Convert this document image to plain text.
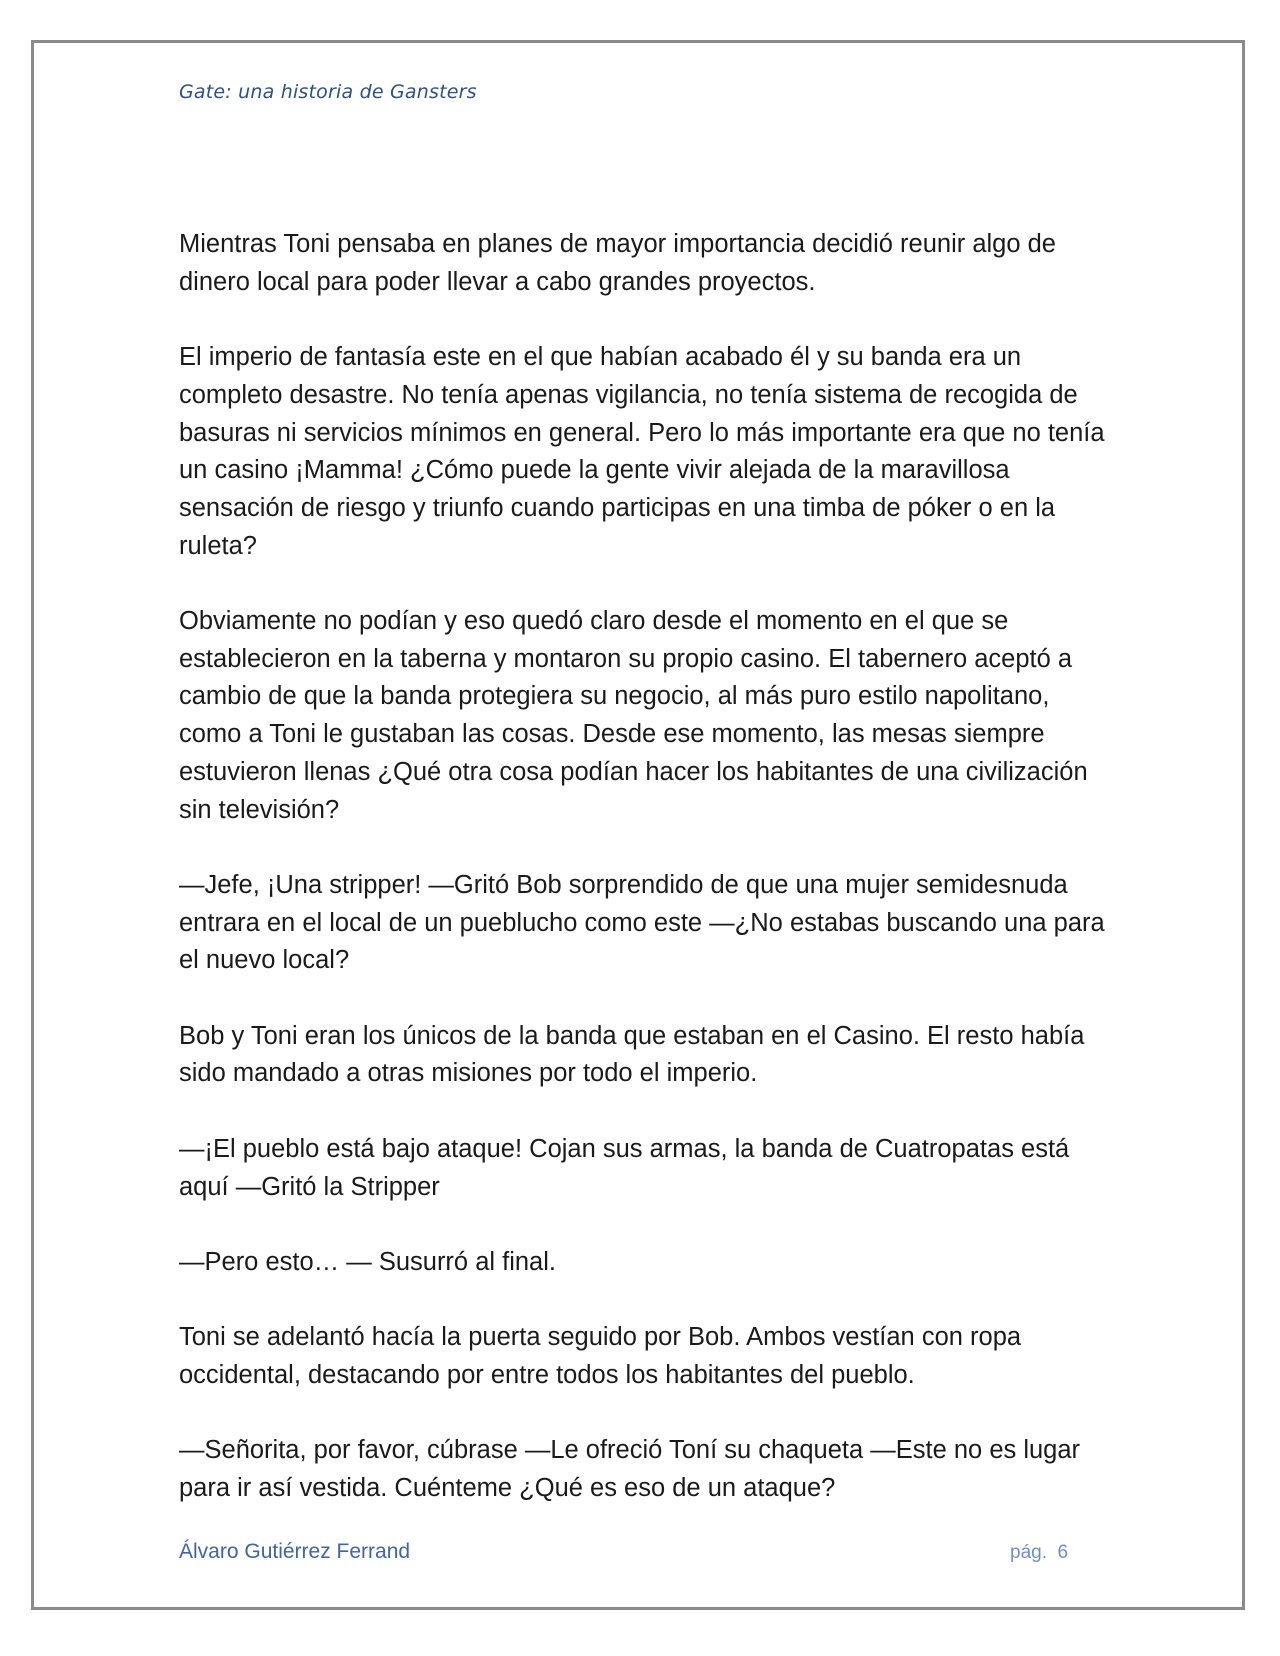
Gate: una historia de Gansters

Mientras Toni pensaba en planes de mayor importancia decidió reunir algo de dinero local para poder llevar a cabo grandes proyectos.

El imperio de fantasía este en el que habían acabado él y su banda era un completo desastre. No tenía apenas vigilancia, no tenía sistema de recogida de basuras ni servicios mínimos en general. Pero lo más importante era que no tenía un casino ¡Mamma! ¿Cómo puede la gente vivir alejada de la maravillosa sensación de riesgo y triunfo cuando participas en una timba de póker o en la ruleta?

Obviamente no podían y eso quedó claro desde el momento en el que se establecieron en la taberna y montaron su propio casino. El tabernero aceptó a cambio de que la banda protegiera su negocio, al más puro estilo napolitano, como a Toni le gustaban las cosas. Desde ese momento, las mesas siempre estuvieron llenas ¿Qué otra cosa podían hacer los habitantes de una civilización sin televisión?

—Jefe, ¡Una stripper! —Gritó Bob sorprendido de que una mujer semidesnuda entrara en el local de un pueblucho como este —¿No estabas buscando una para el nuevo local?

Bob y Toni eran los únicos de la banda que estaban en el Casino. El resto había sido mandado a otras misiones por todo el imperio.

—¡El pueblo está bajo ataque! Cojan sus armas, la banda de Cuatropatas está aquí —Gritó la Stripper

—Pero esto… — Susurró al final.

Toni se adelantó hacía la puerta seguido por Bob. Ambos vestían con ropa occidental, destacando por entre todos los habitantes del pueblo.

—Señorita, por favor, cúbrase —Le ofreció Toní su chaqueta —Este no es lugar para ir así vestida. Cuénteme ¿Qué es eso de un ataque?

Álvaro Gutiérrez Ferrand	pág. 6
